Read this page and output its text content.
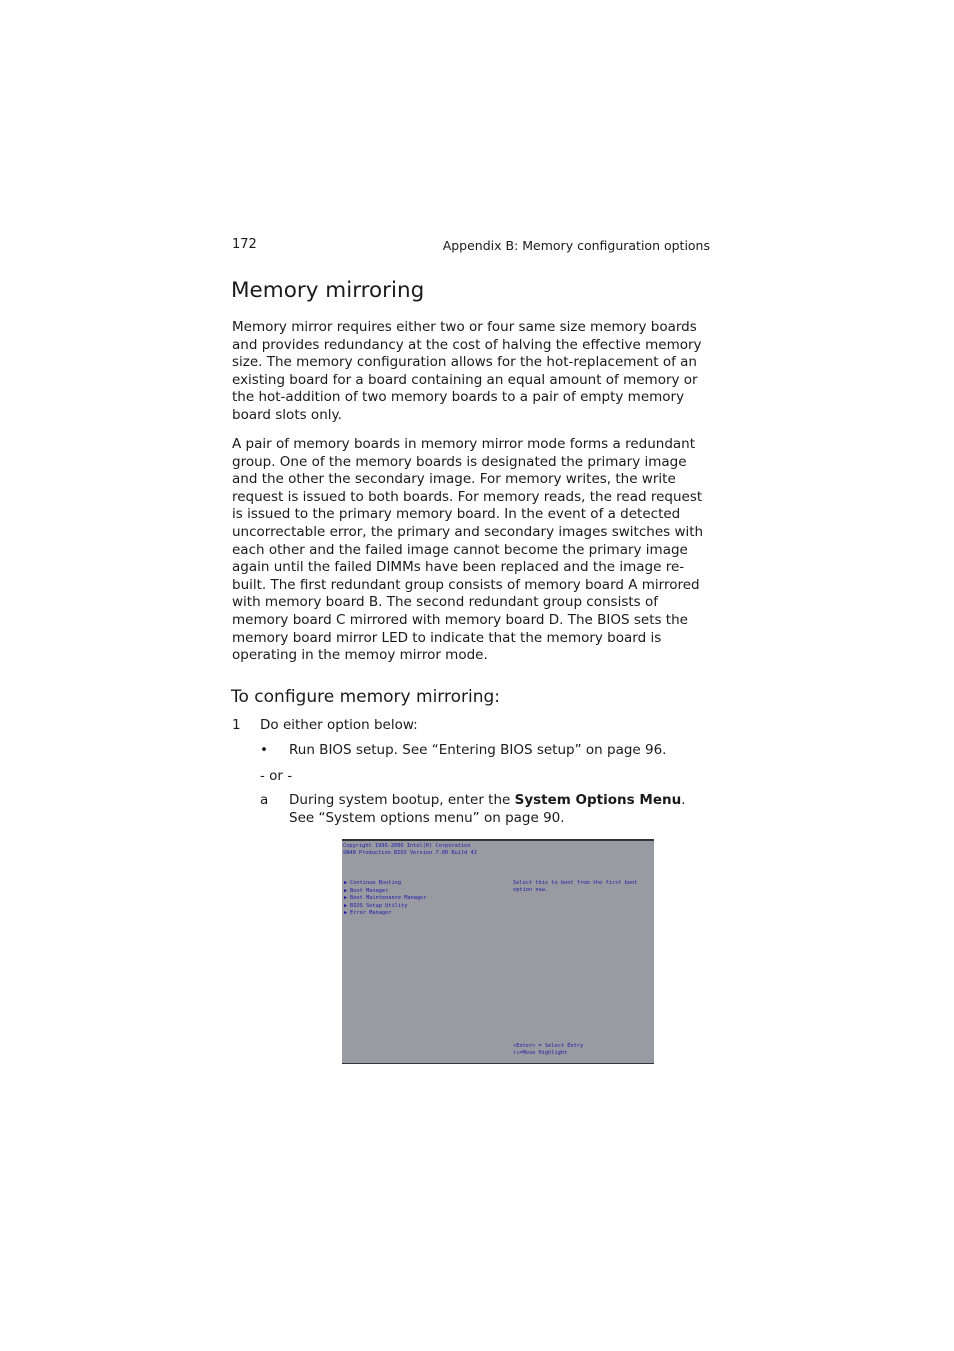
172	Appendix B: Memory configuration options
Memory mirroring

Memory mirror requires either two or four same size memory boards and provides redundancy at the cost of halving the effective memory size. The memory configuration allows for the hot-replacement of an existing board for a board containing an equal amount of memory or the hot-addition of two memory boards to a pair of empty memory board slots only.

A pair of memory boards in memory mirror mode forms a redundant group. One of the memory boards is designated the primary image and the other the secondary image. For memory writes, the write request is issued to both boards. For memory reads, the read request is issued to the primary memory board. In the event of a detected uncorrectable error, the primary and secondary images switches with each other and the failed image cannot become the primary image again until the failed DIMMs have been replaced and the image re-built. The first redundant group consists of memory board A mirrored with memory board B. The second redundant group consists of memory board C mirrored with memory board D. The BIOS sets the memory board mirror LED to indicate that the memory board is operating in the memoy mirror mode.

To configure memory mirroring:
1 Do either option below:
• Run BIOS setup. See “Entering BIOS setup” on page 96.
- or -
a During system bootup, enter the System Options Menu. See “System options menu” on page 90.
Copyright 1996-2006 Intel(R) Corporation
SN40 Production BIOS Version 7.00 Build 42
▶ Continue Booting
▶ Boot Manager
▶ Boot Maintenance Manager
▶ BIOS Setup Utility
▶ Error Manager
Select this to boot from the first boot
option now.
<Enter> = Select Entry
↑↓=Move Highlight
